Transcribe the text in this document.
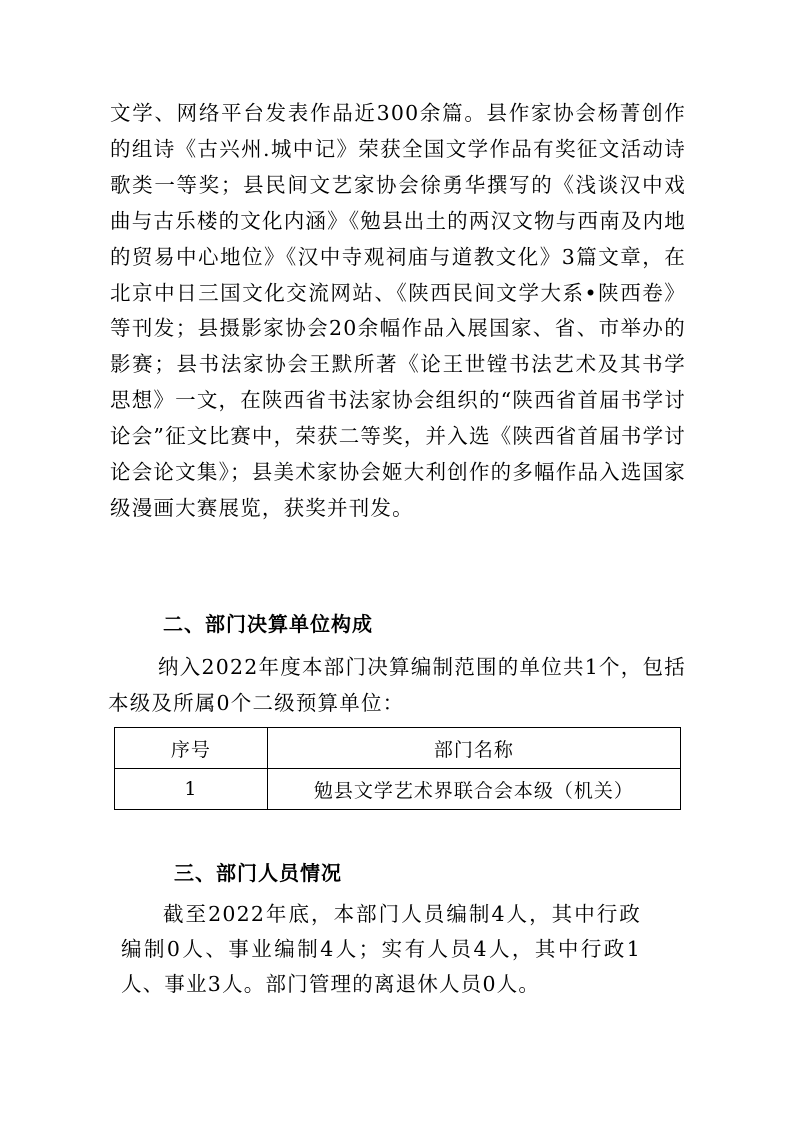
文学、网络平台发表作品近300余篇。县作家协会杨菁创作的组诗《古兴州.城中记》荣获全国文学作品有奖征文活动诗歌类一等奖；县民间文艺家协会徐勇华撰写的《浅谈汉中戏曲与古乐楼的文化内涵》《勉县出土的两汉文物与西南及内地的贸易中心地位》《汉中寺观祠庙与道教文化》3篇文章，在北京中日三国文化交流网站、《陕西民间文学大系•陕西卷》等刊发；县摄影家协会20余幅作品入展国家、省、市举办的影赛；县书法家协会王默所著《论王世镗书法艺术及其书学思想》一文，在陕西省书法家协会组织的“陕西省首届书学讨论会”征文比赛中，荣获二等奖，并入选《陕西省首届书学讨论会论文集》；县美术家协会姬大利创作的多幅作品入选国家级漫画大赛展览，获奖并刊发。

二、部门决算单位构成

纳入2022年度本部门决算编制范围的单位共1个，包括本级及所属0个二级预算单位：

序号	部门名称
1	勉县文学艺术界联合会本级（机关）
三、部门人员情况

截至2022年底，本部门人员编制4人，其中行政编制0人、事业编制4人；实有人员4人，其中行政1人、事业3人。部门管理的离退休人员0人。
